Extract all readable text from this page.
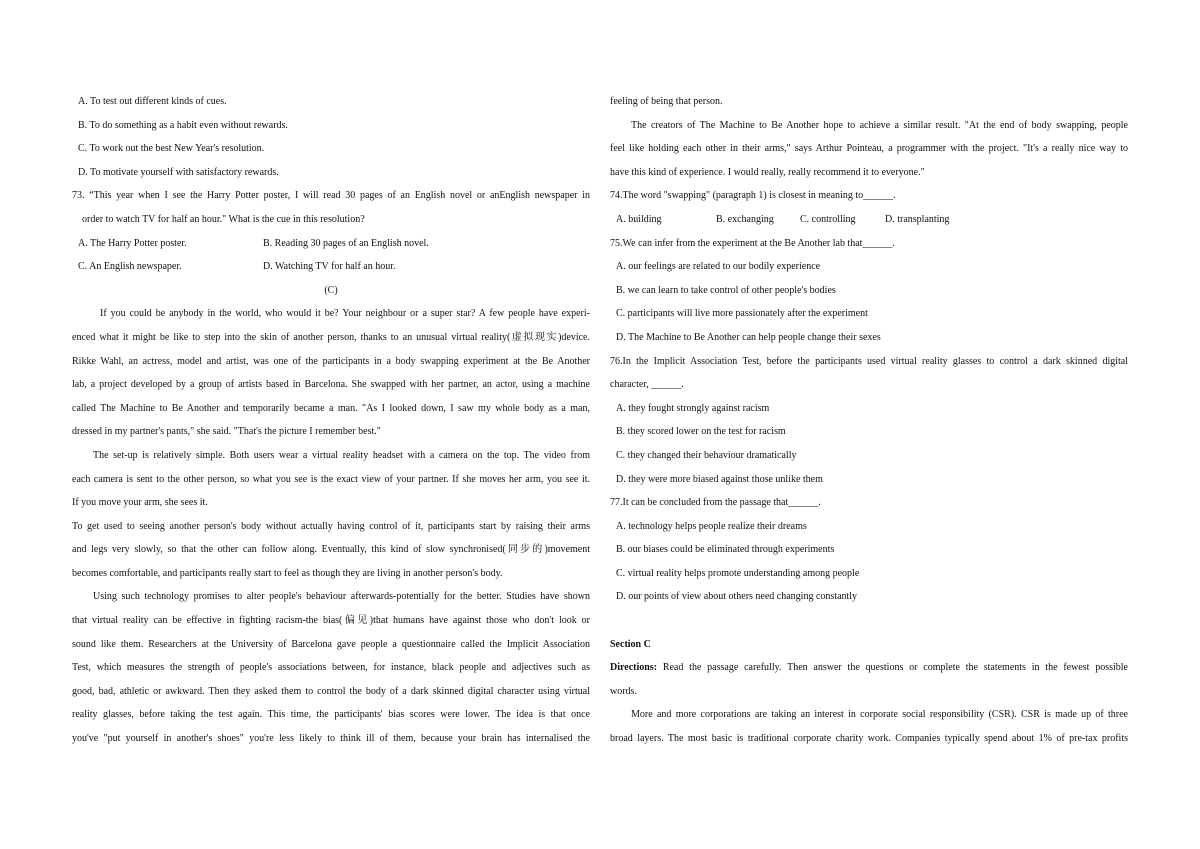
A. To test out different kinds of cues.
B. To do something as a habit even without rewards.
C. To work out the best New Year's resolution.
D. To motivate yourself with satisfactory rewards.
73. “This year when I see the Harry Potter poster, I will read 30 pages of an English novel or anEnglish newspaper in
order to watch TV for half an hour." What is the cue in this resolution?
A. The Harry Potter poster.	B. Reading 30 pages of an English novel.
C. An English newspaper.	D. Watching TV for half an hour.
(C)
If you could be anybody in the world, who would it be? Your neighbour or a super star? A few people have experi-
enced what it might be like to step into the skin of another person, thanks to an unusual virtual reality(虚拟现实)device.
Rikke Wahl, an actress, model and artist, was one of the participants in a body swapping experiment at the Be Another
lab, a project developed by a group of artists based in Barcelona. She swapped with her partner, an actor, using a machine
called The Machine to Be Another and temporarily became a man. "As I looked down, I saw my whole body as a man,
dressed in my partner's pants," she said. "That's the picture I remember best."
The set-up is relatively simple. Both users wear a virtual reality headset with a camera on the top. The video from
each camera is sent to the other person, so what you see is the exact view of your partner. If she moves her arm, you see it.
If you move your arm, she sees it.
To get used to seeing another person's body without actually having control of it, participants start by raising their arms
and legs very slowly, so that the other can follow along. Eventually, this kind of slow synchronised(同步的)movement
becomes comfortable, and participants really start to feel as though they are living in another person's body.
Using such technology promises to alter people's behaviour afterwards-potentially for the better. Studies have shown
that virtual reality can be effective in fighting racism-the bias(偏见)that humans have against those who don't look or
sound like them. Researchers at the University of Barcelona gave people a questionnaire called the Implicit Association
Test, which measures the strength of people's associations between, for instance, black people and adjectives such as
good, bad, athletic or awkward. Then they asked them to control the body of a dark skinned digital character using virtual
reality glasses, before taking the test again. This time, the participants' bias scores were lower. The idea is that once
you've "put yourself in another's shoes" you're less likely to think ill of them, because your brain has internalised the
feeling of being that person.
The creators of The Machine to Be Another hope to achieve a similar result. "At the end of body swapping, people
feel like holding each other in their arms," says Arthur Pointeau, a programmer with the project. "It's a really nice way to
have this kind of experience. I would really, really recommend it to everyone."
74.The word "swapping" (paragraph 1) is closest in meaning to______.
A. building	B. exchanging	C. controlling	D. transplanting
75.We can infer from the experiment at the Be Another lab that______.
A. our feelings are related to our bodily experience
B. we can learn to take control of other people's bodies
C. participants will live more passionately after the experiment
D. The Machine to Be Another can help people change their sexes
76.In the Implicit Association Test, before the participants used virtual reality glasses to control a dark skinned digital
character, ______.
A. they fought strongly against racism
B. they scored lower on the test for racism
C. they changed their behaviour dramatically
D. they were more biased against those unlike them
77.It can be concluded from the passage that______.
A. technology helps people realize their dreams
B. our biases could be eliminated through experiments
C. virtual reality helps promote understanding among people
D. our points of view about others need changing constantly
Section C
Directions: Read the passage carefully. Then answer the questions or complete the statements in the fewest possible
words.
More and more corporations are taking an interest in corporate social responsibility (CSR). CSR is made up of three
broad layers. The most basic is traditional corporate charity work. Companies typically spend about 1% of pre-tax profits
